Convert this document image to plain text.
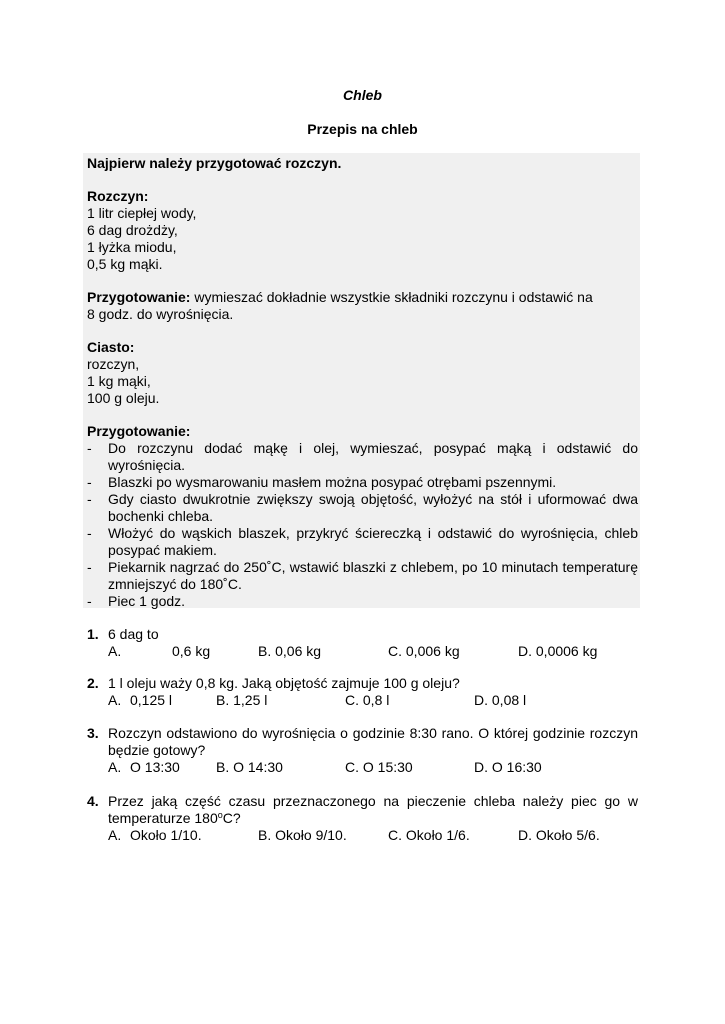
Chleb
Przepis na chleb
Najpierw należy przygotować rozczyn.
Rozczyn:
1 litr ciepłej wody,
6 dag drożdży,
1 łyżka miodu,
0,5 kg mąki.
Przygotowanie: wymieszać dokładnie wszystkie składniki rozczynu i odstawić na
8 godz. do wyrośnięcia.
Ciasto:
rozczyn,
1 kg mąki,
100 g oleju.
Przygotowanie:
- Do rozczynu dodać mąkę i olej, wymieszać, posypać mąką i odstawić do wyrośnięcia.
- Blaszki po wysmarowaniu masłem można posypać otrębami pszennymi.
- Gdy ciasto dwukrotnie zwiększy swoją objętość, wyłożyć na stół i uformować dwa bochenki chleba.
- Włożyć do wąskich blaszek, przykryć ściereczką i odstawić do wyrośnięcia, chleb posypać makiem.
- Piekarnik nagrzać do 250˚C, wstawić blaszki z chlebem, po 10 minutach temperaturę zmniejszyć do 180˚C.
- Piec 1 godz.
1. 6 dag to
A.	0,6 kg	B. 0,06 kg	C. 0,006 kg	D. 0,0006 kg
2. 1 l oleju waży 0,8 kg. Jaką objętość zajmuje 100 g oleju?
A. 0,125 l	B. 1,25 l	C. 0,8 l	D. 0,08 l
3. Rozczyn odstawiono do wyrośnięcia o godzinie 8:30 rano. O której godzinie rozczyn będzie gotowy?
A. O 13:30	B. O 14:30	C. O 15:30	D. O 16:30
4. Przez jaką część czasu przeznaczonego na pieczenie chleba należy piec go w temperaturze 180$^o$C?
A. Około 1/10.	B. Około 9/10.	C. Około 1/6.	D. Około 5/6.
